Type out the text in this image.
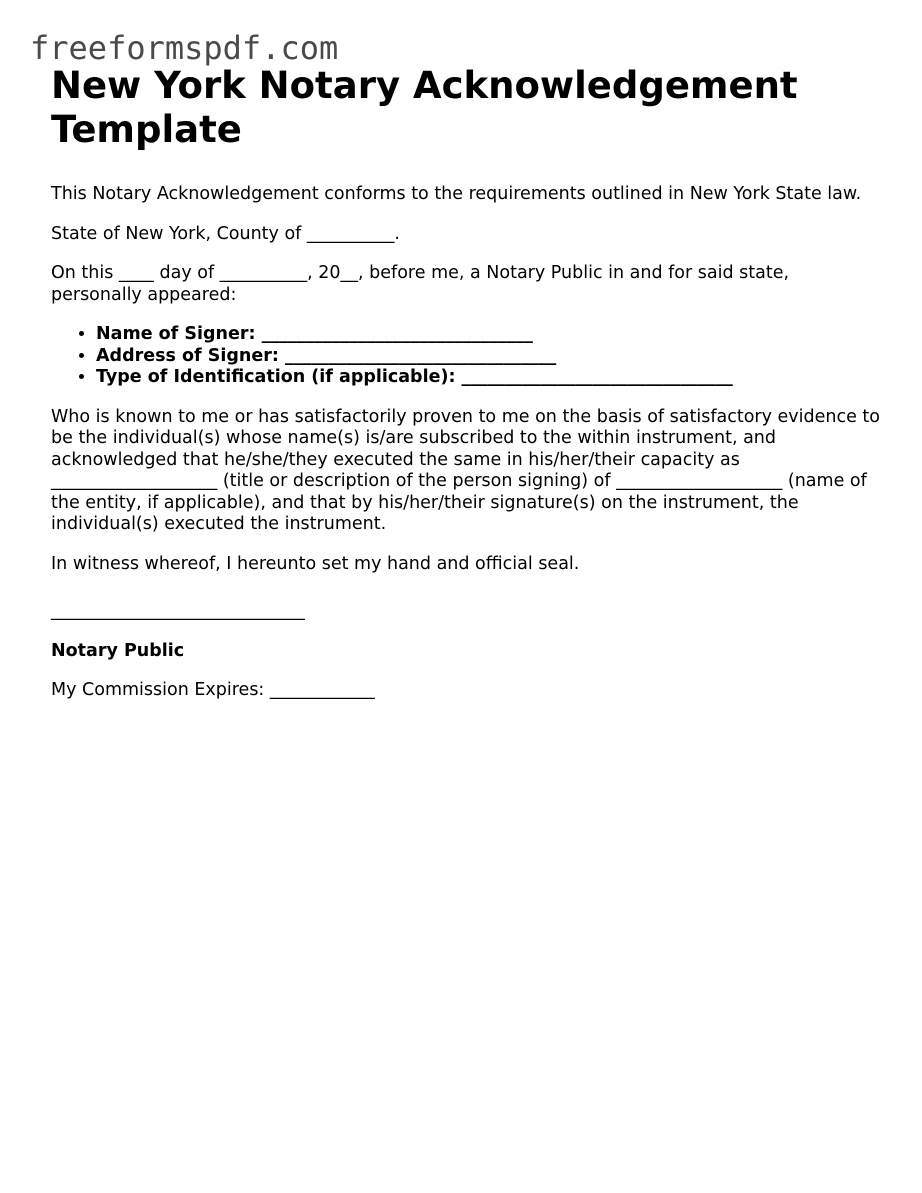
freeformspdf.com
New York Notary Acknowledgement Template

This Notary Acknowledgement conforms to the requirements outlined in New York State law.

State of New York, County of __________.

On this ____ day of __________, 20__, before me, a Notary Public in and for said state, personally appeared:

• Name of Signer: _______________________________
• Address of Signer: _______________________________
• Type of Identification (if applicable): _______________________________

Who is known to me or has satisfactorily proven to me on the basis of satisfactory evidence to be the individual(s) whose name(s) is/are subscribed to the within instrument, and acknowledged that he/she/they executed the same in his/her/their capacity as ___________________ (title or description of the person signing) of ___________________ (name of the entity, if applicable), and that by his/her/their signature(s) on the instrument, the individual(s) executed the instrument.

In witness whereof, I hereunto set my hand and official seal.

_____________________________

Notary Public

My Commission Expires: ____________
